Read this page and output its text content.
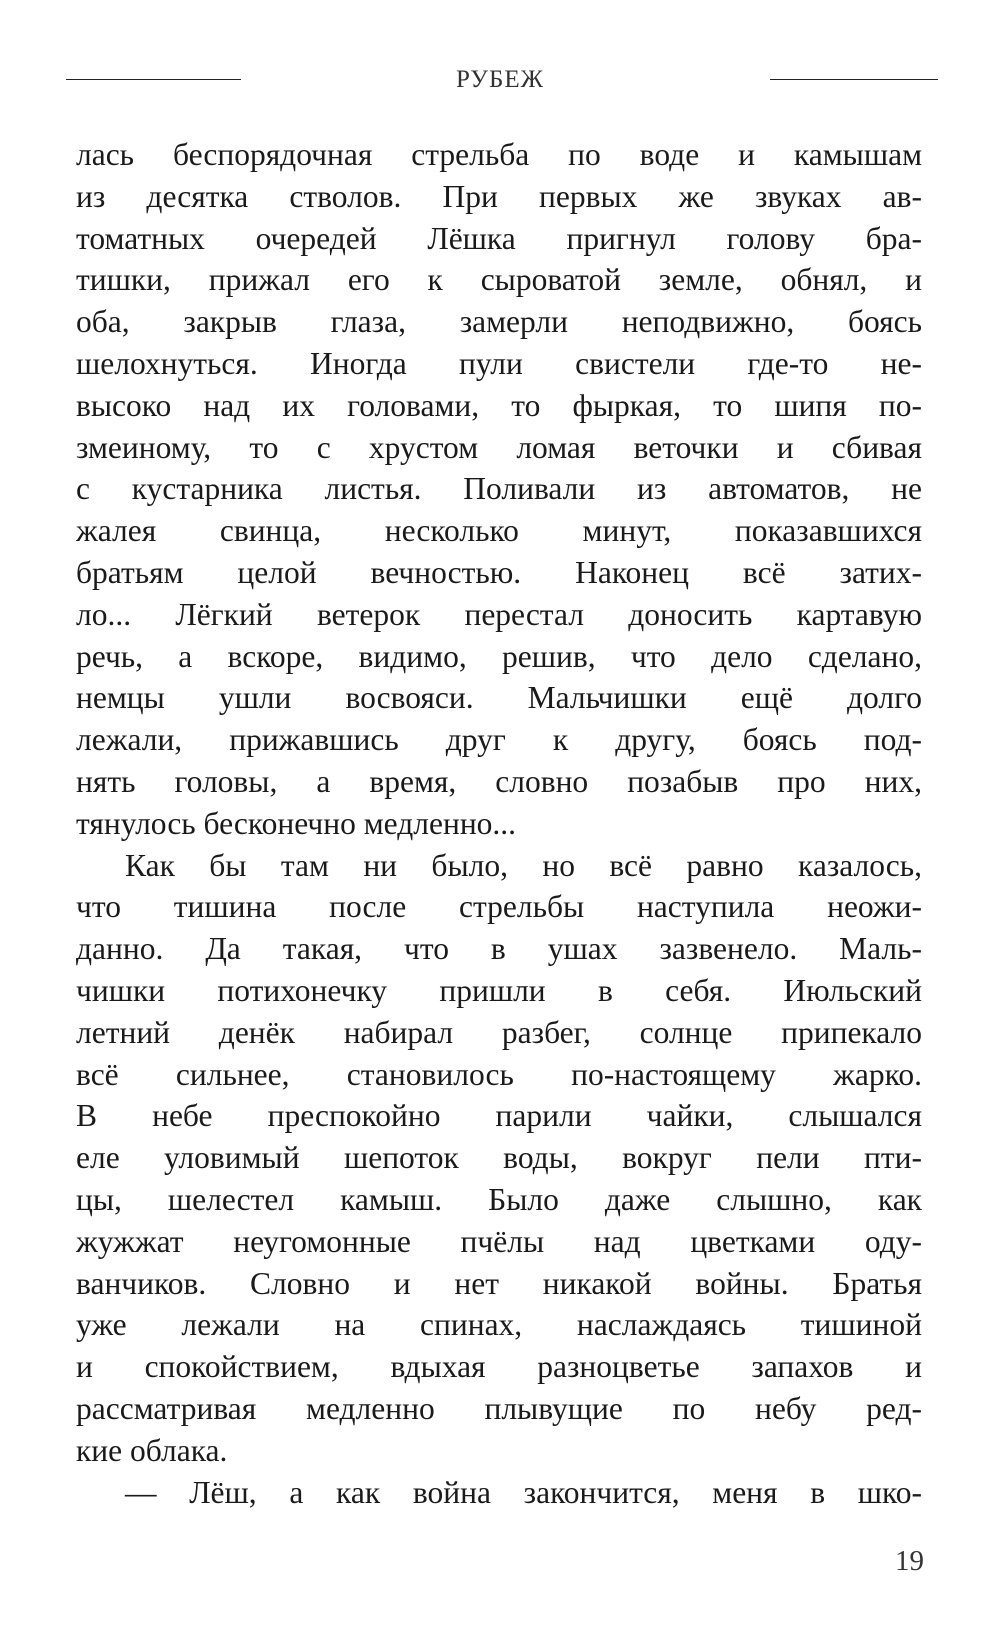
РУБЕЖ
лась беспорядочная стрельба по воде и камышам
из десятка стволов. При первых же звуках ав-
томатных очередей Лёшка пригнул голову бра-
тишки, прижал его к сыроватой земле, обнял, и
оба, закрыв глаза, замерли неподвижно, боясь
шелохнуться. Иногда пули свистели где-то не-
высоко над их головами, то фыркая, то шипя по-
змеиному, то с хрустом ломая веточки и сбивая
с кустарника листья. Поливали из автоматов, не
жалея свинца, несколько минут, показавшихся
братьям целой вечностью. Наконец всё затих-
ло... Лёгкий ветерок перестал доносить картавую
речь, а вскоре, видимо, решив, что дело сделано,
немцы ушли восвояси. Мальчишки ещё долго
лежали, прижавшись друг к другу, боясь под-
нять головы, а время, словно позабыв про них,
тянулось бесконечно медленно...
Как бы там ни было, но всё равно казалось,
что тишина после стрельбы наступила неожи-
данно. Да такая, что в ушах зазвенело. Маль-
чишки потихонечку пришли в себя. Июльский
летний денёк набирал разбег, солнце припекало
всё сильнее, становилось по-настоящему жарко.
В небе преспокойно парили чайки, слышался
еле уловимый шепоток воды, вокруг пели пти-
цы, шелестел камыш. Было даже слышно, как
жужжат неугомонные пчёлы над цветками оду-
ванчиков. Словно и нет никакой войны. Братья
уже лежали на спинах, наслаждаясь тишиной
и спокойствием, вдыхая разноцветье запахов и
рассматривая медленно плывущие по небу ред-
кие облака.
— Лёш, а как война закончится, меня в шко-
19
